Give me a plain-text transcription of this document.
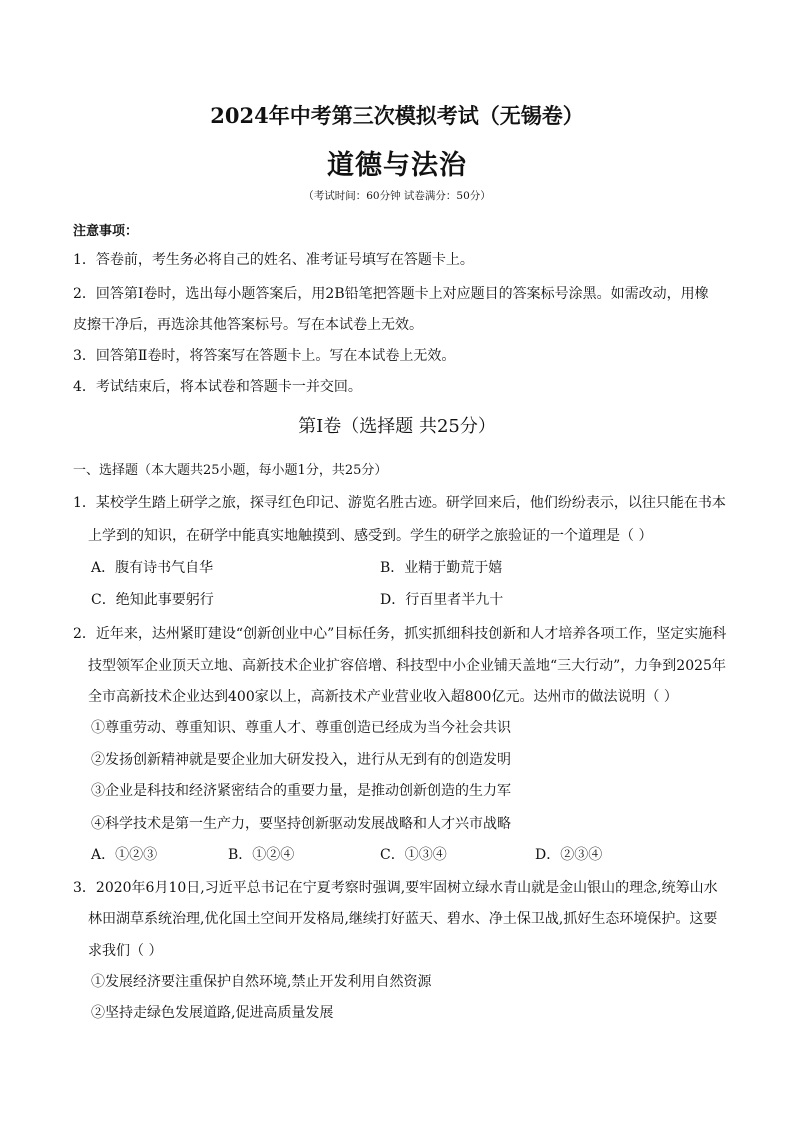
2024年中考第三次模拟考试（无锡卷）
道德与法治
（考试时间：60分钟 试卷满分：50分）
注意事项：
1．答卷前，考生务必将自己的姓名、准考证号填写在答题卡上。
2．回答第Ⅰ卷时，选出每小题答案后，用2B铅笔把答题卡上对应题目的答案标号涂黑。如需改动，用橡
皮擦干净后，再选涂其他答案标号。写在本试卷上无效。
3．回答第Ⅱ卷时，将答案写在答题卡上。写在本试卷上无效。
4．考试结束后，将本试卷和答题卡一并交回。
第Ⅰ卷（选择题 共25分）
一、选择题（本大题共25小题，每小题1分，共25分）
1．某校学生踏上研学之旅，探寻红色印记、游览名胜古迹。研学回来后，他们纷纷表示，以往只能在书本
上学到的知识，在研学中能真实地触摸到、感受到。学生的研学之旅验证的一个道理是（ ）
A．腹有诗书气自华	B．业精于勤荒于嬉
C．绝知此事要躬行	D．行百里者半九十
2．近年来，达州紧盯建设“创新创业中心”目标任务，抓实抓细科技创新和人才培养各项工作，坚定实施科
技型领军企业顶天立地、高新技术企业扩容倍增、科技型中小企业铺天盖地“三大行动”，力争到2025年
全市高新技术企业达到400家以上，高新技术产业营业收入超800亿元。达州市的做法说明（ ）
①尊重劳动、尊重知识、尊重人才、尊重创造已经成为当今社会共识
②发扬创新精神就是要企业加大研发投入，进行从无到有的创造发明
③企业是科技和经济紧密结合的重要力量，是推动创新创造的生力军
④科学技术是第一生产力，要坚持创新驱动发展战略和人才兴市战略
A．①②③	B．①②④	C．①③④	D．②③④
3．2020年6月10日,习近平总书记在宁夏考察时强调,要牢固树立绿水青山就是金山银山的理念,统筹山水
林田湖草系统治理,优化国土空间开发格局,继续打好蓝天、碧水、净土保卫战,抓好生态环境保护。这要
求我们（ ）
①发展经济要注重保护自然环境,禁止开发利用自然资源
②坚持走绿色发展道路,促进高质量发展
